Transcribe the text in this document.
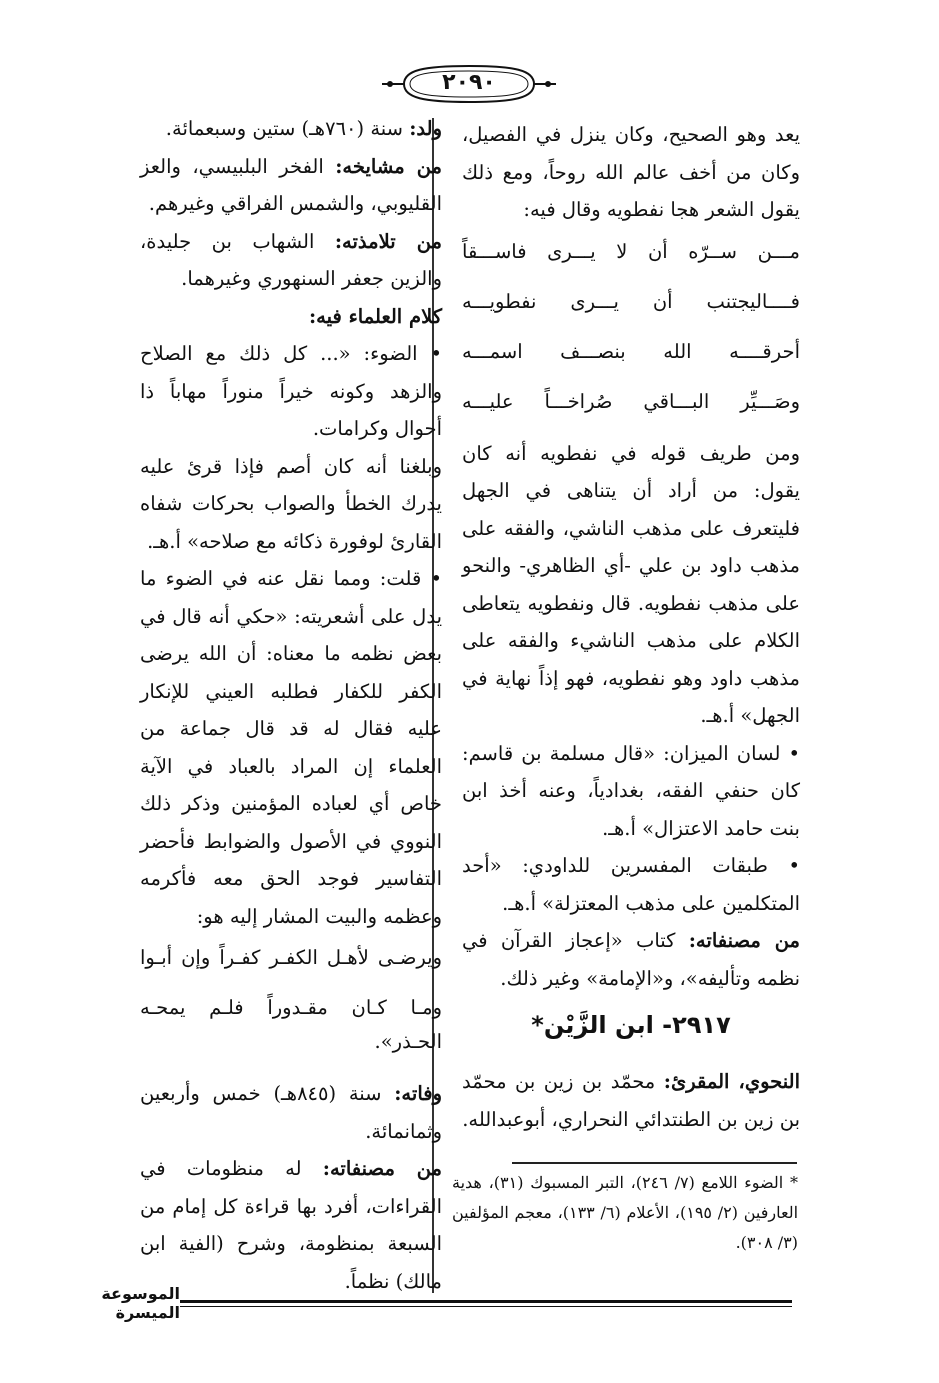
٢٠٩٠

يعد وهو الصحيح، وكان ينزل في الفصيل، وكان من أخف عالم الله روحاً، ومع ذلك يقول الشعر هجا نفطويه وقال فيه:

مـــن ســرّه أن لا يـــرى فاســـقاً

فــــاليجتنب أن يـــرى نفطويـــه

أحرقــــه الله بنصـــف اسمـــه

وصَـــيِّر البـــاقي صُراخـــاً عليـــه

ومن طريف قوله في نفطويه أنه كان يقول: من أراد أن يتناهى في الجهل فليتعرف على مذهب الناشي، والفقه على مذهب داود بن علي -أي الظاهري- والنحو على مذهب نفطويه. قال ونفطويه يتعاطى الكلام على مذهب الناشيء والفقه على مذهب داود وهو نفطويه، فهو إذاً نهاية في الجهل» أ.هـ.

• لسان الميزان: «قال مسلمة بن قاسم: كان حنفي الفقه، بغدادياً، وعنه أخذ ابن بنت حامد الاعتزال» أ.هـ.

• طبقات المفسرين للداودي: «أحد المتكلمين على مذهب المعتزلة» أ.هـ.

من مصنفاته: كتاب «إعجاز القرآن في نظمه وتأليفه»، و«الإمامة» وغير ذلك.

٢٩١٧- ابن الزَّيْن*

النحوي، المقرئ: محمّد بن زين بن محمّد بن زين بن الطنتدائي النحراري، أبوعبدالله.

ولد: سنة (٧٦٠هـ) ستين وسبعمائة.

من مشايخه: الفخر البلبيسي، والعز القليوبي، والشمس الفراقي وغيرهم.

من تلامذته: الشهاب بن جليدة، والزين جعفر السنهوري وغيرهما.

كلام العلماء فيه:

• الضوء: «... كل ذلك مع الصلاح والزهد وكونه خيراً منوراً مهاباً ذا أحوال وكرامات.

وبلغنا أنه كان أصم فإذا قرئ عليه يدرك الخطأ والصواب بحركات شفاه القارئ لوفورة ذكائه مع صلاحه» أ.هـ.

• قلت: ومما نقل عنه في الضوء ما يدل على أشعريته: «حكي أنه قال في بعض نظمه ما معناه: أن الله يرضى الكفر للكفار فطلبه العيني للإنكار عليه فقال له قد قال جماعة من العلماء إن المراد بالعباد في الآية خاص أي لعباده المؤمنين وذكر ذلك النووي في الأصول والضوابط فأحضر التفاسير فوجد الحق معه فأكرمه وعظمه والبيت المشار إليه هو:

ويرضـى لأهـل الكفـر كفـراً وإن أبـوا

ومـا كـان مقـدوراً فلـم يمحـه الحـذر».

وفاته: سنة (٨٤٥هـ) خمس وأربعين وثمانمائة.

من مصنفاته: له منظومات في القراءات، أفرد بها قراءة كل إمام من السبعة بمنظومة، وشرح (الفية ابن مالك) نظماً.

* الضوء اللامع (٧/ ٢٤٦)، التبر المسبوك (٣١)، هدية العارفين (٢/ ١٩٥)، الأعلام (٦/ ١٣٣)، معجم المؤلفين (٣/ ٣٠٨).
الموسوعة الميسرة
